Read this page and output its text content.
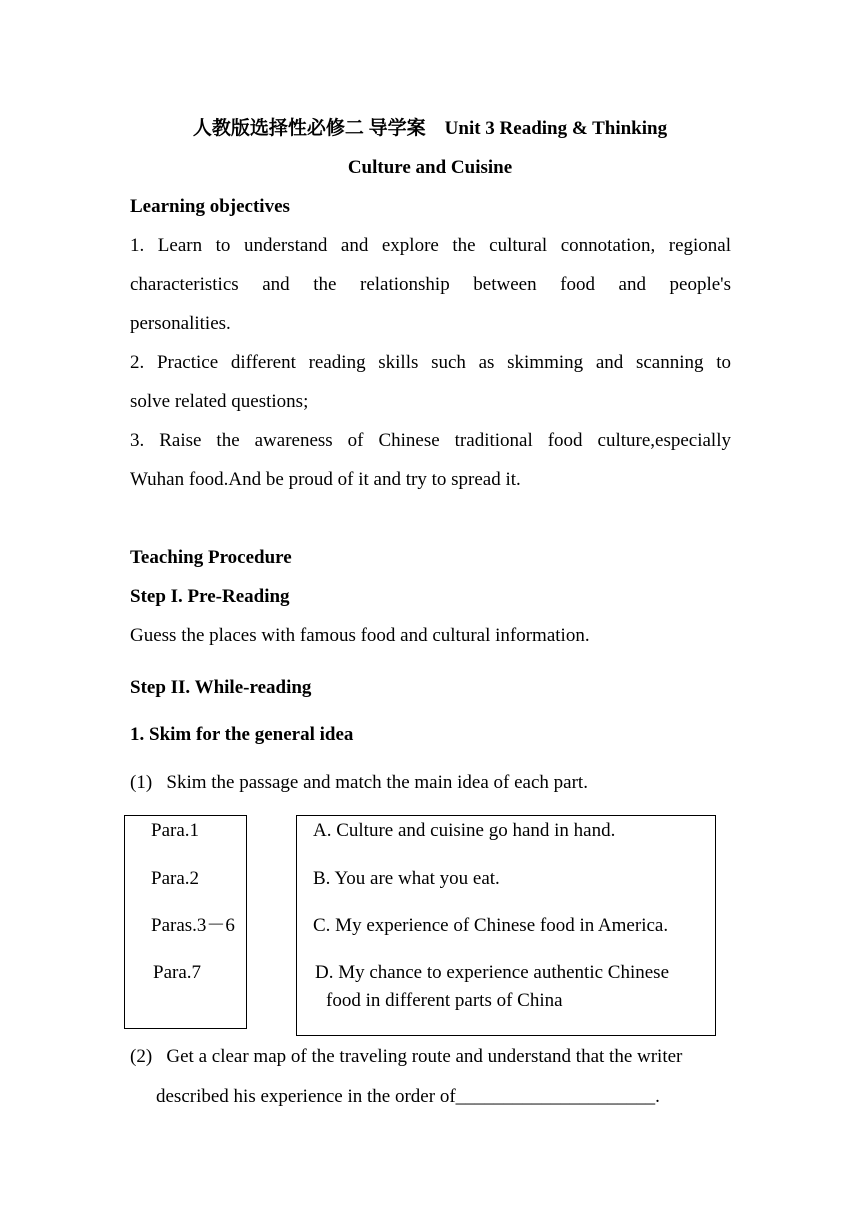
人教版选择性必修二 导学案 Unit 3 Reading & Thinking
Culture and Cuisine
Learning objectives
1. Learn to understand and explore the cultural connotation, regional
characteristics and the relationship between food and people's
personalities.
2. Practice different reading skills such as skimming and scanning to
solve related questions;
3. Raise the awareness of Chinese traditional food culture,especially
Wuhan food.And be proud of it and try to spread it.
Teaching Procedure
Step I. Pre-Reading
Guess the places with famous food and cultural information.
Step II. While-reading
1. Skim for the general idea
(1) Skim the passage and match the main idea of each part.
Para.1
Para.2
Paras.3－6
Para.7
A. Culture and cuisine go hand in hand.
B. You are what you eat.
C. My experience of Chinese food in America.
D. My chance to experience authentic Chinese
food in different parts of China
(2) Get a clear map of the traveling route and understand that the writer
described his experience in the order of_____________________.
